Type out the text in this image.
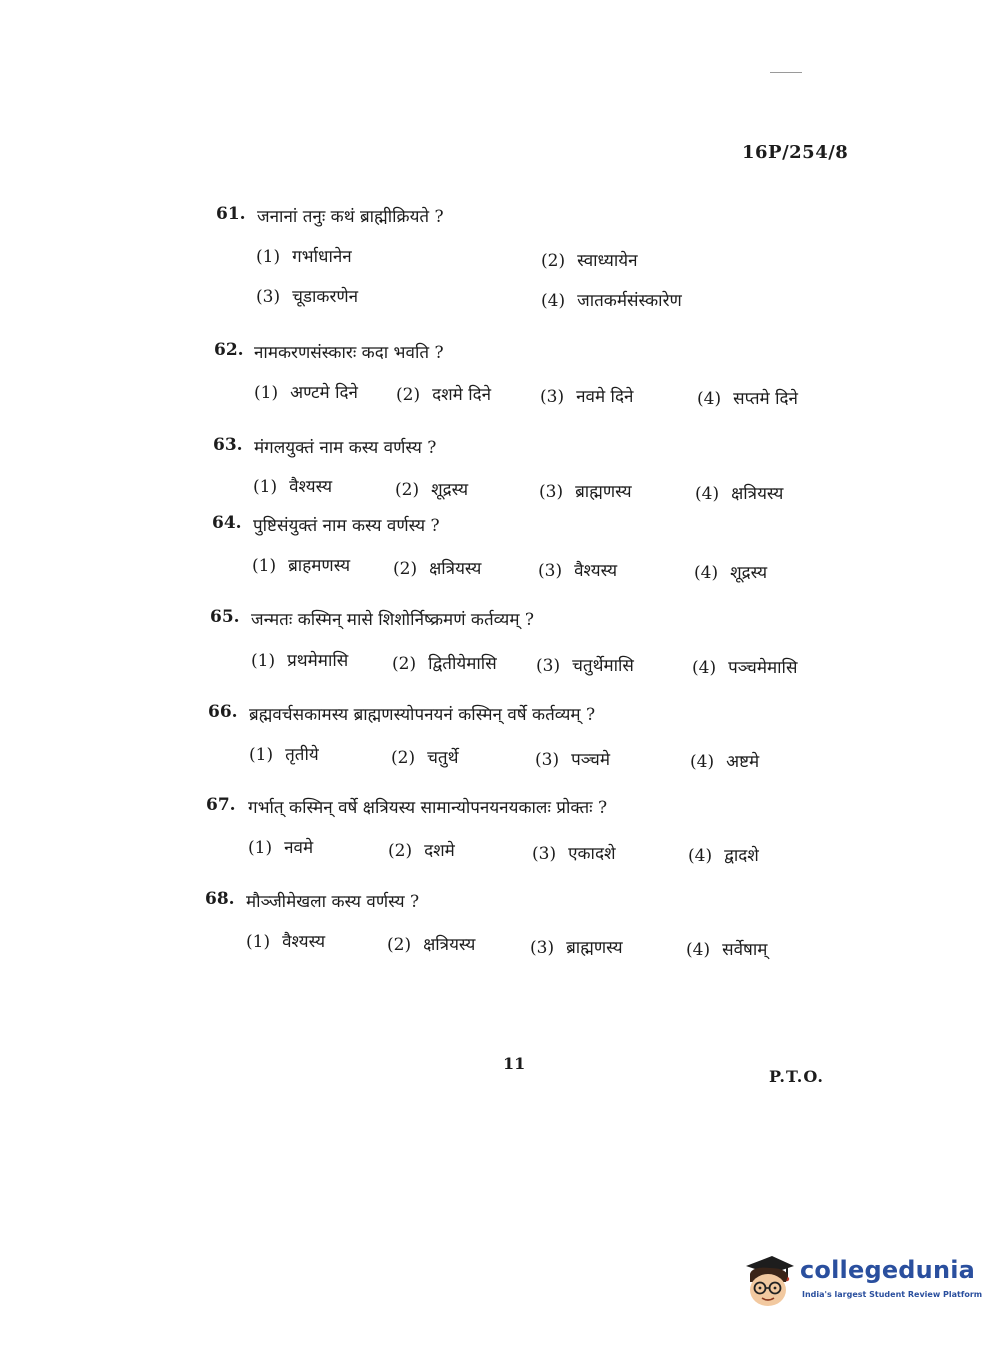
16P/254/8
61. जनानां तनुः कथं ब्राह्मीक्रियते ?
(1) गर्भाधानेन	(2) स्वाध्यायेन
(3) चूडाकरणेन	(4) जातकर्मसंस्कारेण
62. नामकरणसंस्कारः कदा भवति ?
(1) अण्टमे दिने (2) दशमे दिने	(3) नवमे दिने	(4) सप्तमे दिने
63. मंगलयुक्तं नाम कस्य वर्णस्य ?
(1) वैश्यस्य	(2) शूद्रस्य	(3) ब्राह्मणस्य	(4) क्षत्रियस्य
64. पुष्टिसंयुक्तं नाम कस्य वर्णस्य ?
(1) ब्राहमणस्य	(2) क्षत्रियस्य	(3) वैश्यस्य	(4) शूद्रस्य
65. जन्मतः कस्मिन् मासे शिशोर्निष्क्रमणं कर्तव्यम् ?
(1) प्रथमेमासि	(2) द्वितीयेमासि (3) चतुर्थेमासि	(4) पञ्चमेमासि
66. ब्रह्मवर्चसकामस्य ब्राह्मणस्योपनयनं कस्मिन् वर्षे कर्तव्यम् ?
(1) तृतीये	(2) चतुर्थे	(3) पञ्चमे	(4) अष्टमे
67. गर्भात् कस्मिन् वर्षे क्षत्रियस्य सामान्योपनयनयकालः प्रोक्तः ?
(1) नवमे	(2) दशमे	(3) एकादशे	(4) द्वादशे
68. मौञ्जीमेखला कस्य वर्णस्य ?
(1) वैश्यस्य	(2) क्षत्रियस्य	(3) ब्राह्मणस्य	(4) सर्वेषाम्
11
P.T.O.
collegedunia
India's largest Student Review Platform
